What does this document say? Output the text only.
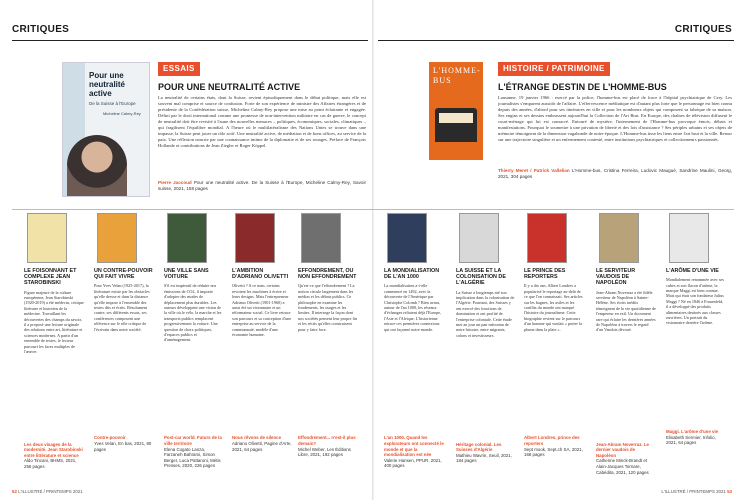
CRITIQUES	CRITIQUES
Pour une neutralité active
De la Suisse à l'Europe
Micheline Calmy-Rey
ESSAIS
POUR UNE NEUTRALITÉ ACTIVE
La neutralité de certains états, dont la Suisse, revient épisodiquement dans le débat politique, mais elle est souvent mal comprise et source de confusion. Forte de son expérience de ministre des Affaires étrangères et de présidente de la Confédération suisse, Micheline Calmy-Rey propose une mise au point éclairante et engagée. Défini par le droit international comme une promesse de non-intervention militaire en cas de guerre, le concept de neutralité doit être revisité à l'aune des nouvelles menaces – politiques, économiques, sociales, climatiques – qui fragilisent l'équilibre mondial. A l'heure où le multilatéralisme des Nations Unies se trouve dans une impasse, la Suisse peut jouer un rôle actif. Une neutralité active, de médiation et de bons offices, au service de la paix. Une réflexion nourrie par une connaissance intime de la diplomatie et de ses rouages. Préface de François Hollande et contributions de Jean Ziegler et Roger Köppel.
Pierre Jaccoud Pour une neutralité active. De la Suisse à l'Europe, Micheline Calmy-Rey, Savoir suisse, 2021, 158 pages
L'HOMME-BUS
HISTOIRE / PATRIMOINE
L'ÉTRANGE DESTIN DE L'HOMME-BUS
Lausanne, 19 janvier 1966 : exercé par la police, l'homme-bus est placé de force à l'hôpital psychiatrique de Cery. Les journalistes s'emparent aussitôt de l'affaire. L'effervescence médiatique est d'autant plus forte que le personnage est bien connu depuis des années, d'abord pour ses itinéraires en ville et pour les nombreux objets qui composent sa fabrique de sa maison. Ses engins et ses dessins embrassent aujourd'hui la Collection de l'Art Brut. En Europe, des chaînes de télévision diffusent le court-métrage qui lui est consacré. Entouré de mystère, l'internement de l'Homme-bus provoque émois, débats et manifestations. Pourquoi le soumettre à une privation de liberté et des lois d'assistance ? Ses périples urbains et ses objets de mémoire témoignent de la dimension vagabonde de notre époque. L'Homme-bus tisse les liens entre l'art brut et la ville. Retour sur une trajectoire singulière et un enfermement contesté, entre institutions psychiatriques et collectionneurs passionnés.
Thierry Meret / Patrick Vallelian L'Homme-bus, Cristina Ferreira, Ludovic Maugué, Sandrine Maulini, Georg, 2021, 304 pages
LE FOISONNANT ET COMPLEXE JEAN STAROBINSKI
Figure majeure de la culture européenne, Jean Starobinski (1920-2019) a été médecin, critique littéraire et historien de la médecine. Travaillant les découvertes des champs du savoir, il a proposé une lecture originale des relations entre art, littérature et sciences modernes. A partir d'un ensemble de textes, le lecteur parcourt les faces multiples de l'œuvre.
Les deux visages de la modernité. Jean Starobinski entre littérature et science
Aldo Tincani, BHMS, 2021, 256 pages
UN CONTRE-POUVOIR QUI FAIT VIVRE
Pour Yves Velan (1925-2017), la littérature existe par les obstacles qu'elle dresse et dans la distance qu'elle impose à l'ensemble des textes dits et écrits. Résolument contre, ses différents essais, ses conférences composent une référence sur le rôle critique de l'écrivain dans notre société.
Contre-pouvoir
Yves Velan, En bas, 2021, 80 pages
UNE VILLE SANS VOITURE
S'il est impératif de réduire nos émissions de CO2, il importe d'adopter des modes de déplacement plus durables. Les auteurs développent une vision de la ville où le vélo, la marche et les transports publics remplacent progressivement la voiture. Une question de choix politiques, d'espaces publics et d'aménagement.
Post-car world. Futurs de la ville territoire
Elena Cogato Lanza, Farzaneh Bahrami, Simon Berger, Luca Pattaroni, Métis Presses, 2020, 226 pages
L'AMBITION D'ADRIANO OLIVETTI
Olivetti ? A ce nom, certains revoient les machines à écrire et leurs designs. Mais l'entrepreneur Adriano Olivetti (1901-1960) a aussi été un visionnaire et un réformateur social. Ce livre retrace son parcours et sa conception d'une entreprise au service de la communauté, modèle d'une économie humaine.
Nous rêvons de silence
Adriano Olivetti, Pagine d'Arte, 2021, 64 pages
EFFONDREMENT, OU NON EFFONDREMENT
Qu'est-ce que l'effondrement ? La notion circule largement dans les médias et les débats publics. Ce philosophe en examine les fondements, les usages et les limites. Il interroge la façon dont nos sociétés pensent leur propre fin et les récits qu'elles construisent pour y faire face.
Effondrement... n'est-il plus demain?
Michel Weber, Les Éditions Libre, 2021, 192 pages
LA MONDIALISATION DE L'AN 1000
La mondialisation a-t-elle commencé en 1492, avec la découverte de l'Amérique par Christophe Colomb ? Bien avant, autour de l'an 1000, les réseaux d'échanges reliaient déjà l'Europe, l'Asie et l'Afrique. L'historienne retrace ces premières connexions qui ont façonné notre monde.
L'an 1000. Quand les explorateurs ont connecté le monde et que la mondialisation est née
Valerie Hansen, PPUR, 2021, 400 pages
LA SUISSE ET LA COLONISATION DE L'ALGÉRIE
La Suisse a longtemps nié son implication dans la colonisation de l'Algérie. Pourtant, des Suisses y ont exercé des fonctions de domination et ont profité de l'entreprise coloniale. Cette étude met au jour un pan méconnu de notre histoire, entre migrants, colons et investisseurs.
Héritage colonial. Les Suisses d'Algérie
Mathieu Wavrin, Seuil, 2021, 184 pages
LE PRINCE DES REPORTERS
Il y a dix ans, Albert Londres a popularisé le reportage au-delà de ce que l'on connaissait. Ses articles sur les bagnes, les asiles et les conflits du monde ont marqué l'histoire du journalisme. Cette biographie revient sur le parcours d'un homme qui voulait « porter la plume dans la plaie ».
Albert Londres, prince des reporters
Sept mook, Sept.ch SA, 2021, 168 pages
LE SERVITEUR VAUDOIS DE NAPOLÉON
Jean-Abram Noverraz a été fidèle serviteur de Napoléon à Sainte-Hélène. Ses écrits inédits témoignent de la vie quotidienne de l'empereur en exil. Un document rare qui éclaire les dernières années de Napoléon à travers le regard d'un Vaudois dévoué.
Jean-Abram Noverraz. Le dernier vaudois de Napoléon
Catherine Minck-Brandt et Alain-Jacques Tornare, Cabédita, 2021, 120 pages
L'ARÔME D'UNE VIE
Mondialement renommée avec ses cubes et son flacon d'arôme, la marque Maggi est bien connue. Mais qui était son fondateur Julius Maggi ? Né en 1846 à Frauenfeld, il a développé des produits alimentaires destinés aux classes ouvrières. Un portrait du visionnaire derrière l'arôme.
Maggi. L'arôme d'une vie
Elisabeth Sermier, Infolio, 2021, 64 pages
52 L'ILLUSTRÉ / PRINTEMPS 2021	L'ILLUSTRÉ / PRINTEMPS 2021 53
